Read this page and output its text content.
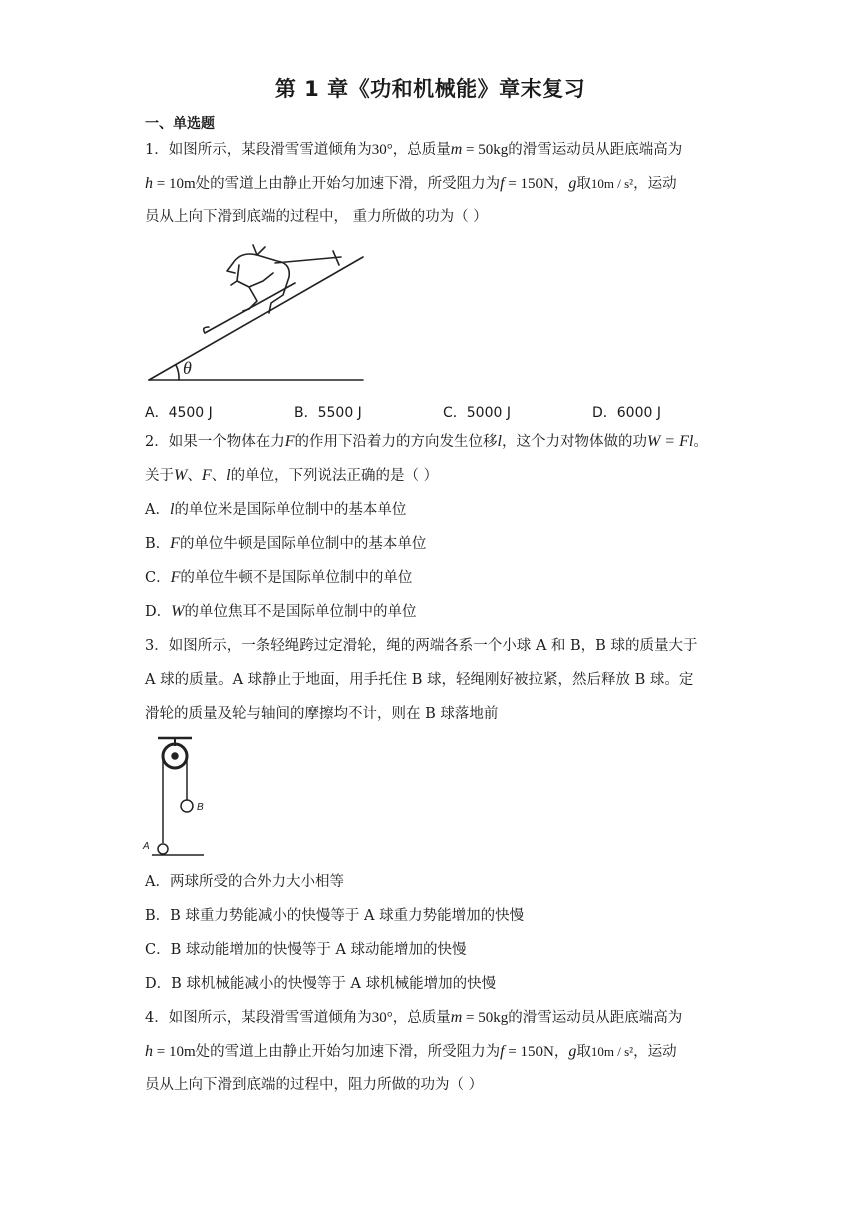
第 1 章《功和机械能》章末复习
一、单选题
1．如图所示，某段滑雪雪道倾角为30°，总质量m = 50kg的滑雪运动员从距底端高为
h = 10m处的雪道上由静止开始匀加速下滑，所受阻力为f = 150N，g取10m / s²，运动
员从上向下滑到底端的过程中， 重力所做的功为（ ）
θ
A．4500 J	B．5500 J	C．5000 J	D．6000 J
2．如果一个物体在力F的作用下沿着力的方向发生位移l，这个力对物体做的功W = Fl。
关于W、F、l的单位，下列说法正确的是（ ）
A．l的单位米是国际单位制中的基本单位
B．F的单位牛顿是国际单位制中的基本单位
C．F的单位牛顿不是国际单位制中的单位
D．W的单位焦耳不是国际单位制中的单位
3．如图所示，一条轻绳跨过定滑轮，绳的两端各系一个小球 A 和 B，B 球的质量大于
A 球的质量。A 球静止于地面，用手托住 B 球，轻绳刚好被拉紧，然后释放 B 球。定
滑轮的质量及轮与轴间的摩擦均不计，则在 B 球落地前
B
A
A．两球所受的合外力大小相等
B．B 球重力势能减小的快慢等于 A 球重力势能增加的快慢
C．B 球动能增加的快慢等于 A 球动能增加的快慢
D．B 球机械能减小的快慢等于 A 球机械能增加的快慢
4．如图所示，某段滑雪雪道倾角为30°，总质量m = 50kg的滑雪运动员从距底端高为
h = 10m处的雪道上由静止开始匀加速下滑，所受阻力为f = 150N，g取10m / s²，运动
员从上向下滑到底端的过程中，阻力所做的功为（ ）
